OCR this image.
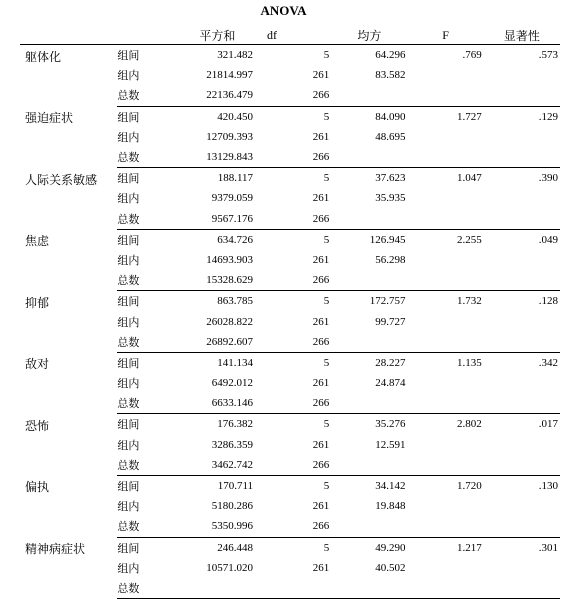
ANOVA
		平方和	df	均方	F	显著性
躯体化	组间	321.482	5	64.296	.769	.573
	组内	21814.997	261	83.582		
	总数	22136.479	266			
强迫症状	组间	420.450	5	84.090	1.727	.129
	组内	12709.393	261	48.695		
	总数	13129.843	266			
人际关系敏感	组间	188.117	5	37.623	1.047	.390
	组内	9379.059	261	35.935		
	总数	9567.176	266			
焦虑	组间	634.726	5	126.945	2.255	.049
	组内	14693.903	261	56.298		
	总数	15328.629	266			
抑郁	组间	863.785	5	172.757	1.732	.128
	组内	26028.822	261	99.727		
	总数	26892.607	266			
敌对	组间	141.134	5	28.227	1.135	.342
	组内	6492.012	261	24.874		
	总数	6633.146	266			
恐怖	组间	176.382	5	35.276	2.802	.017
	组内	3286.359	261	12.591		
	总数	3462.742	266			
偏执	组间	170.711	5	34.142	1.720	.130
	组内	5180.286	261	19.848		
	总数	5350.996	266			
精神病症状	组间	246.448	5	49.290	1.217	.301
	组内	10571.020	261	40.502		
	总数					
